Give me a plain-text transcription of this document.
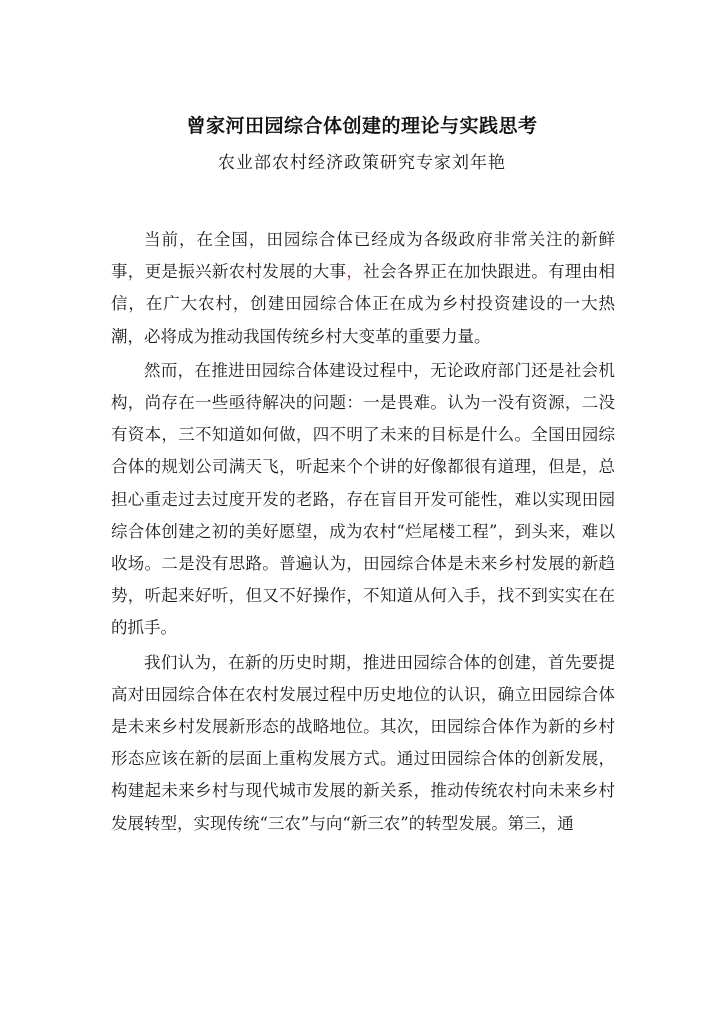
曾家河田园综合体创建的理论与实践思考

农业部农村经济政策研究专家刘年艳

当前，在全国，田园综合体已经成为各级政府非常关注的新鲜事，更是振兴新农村发展的大事，社会各界正在加快跟进。有理由相信，在广大农村，创建田园综合体正在成为乡村投资建设的一大热潮，必将成为推动我国传统乡村大变革的重要力量。

然而，在推进田园综合体建设过程中，无论政府部门还是社会机构，尚存在一些亟待解决的问题：一是畏难。认为一没有资源，二没有资本，三不知道如何做，四不明了未来的目标是什么。全国田园综合体的规划公司满天飞，听起来个个讲的好像都很有道理，但是，总担心重走过去过度开发的老路，存在盲目开发可能性，难以实现田园综合体创建之初的美好愿望，成为农村“烂尾楼工程”，到头来，难以收场。二是没有思路。普遍认为，田园综合体是未来乡村发展的新趋势，听起来好听，但又不好操作，不知道从何入手，找不到实实在在的抓手。

我们认为，在新的历史时期，推进田园综合体的创建，首先要提高对田园综合体在农村发展过程中历史地位的认识，确立田园综合体是未来乡村发展新形态的战略地位。其次，田园综合体作为新的乡村形态应该在新的层面上重构发展方式。通过田园综合体的创新发展，构建起未来乡村与现代城市发展的新关系，推动传统农村向未来乡村发展转型，实现传统“三农”与向“新三农”的转型发展。第三，通
